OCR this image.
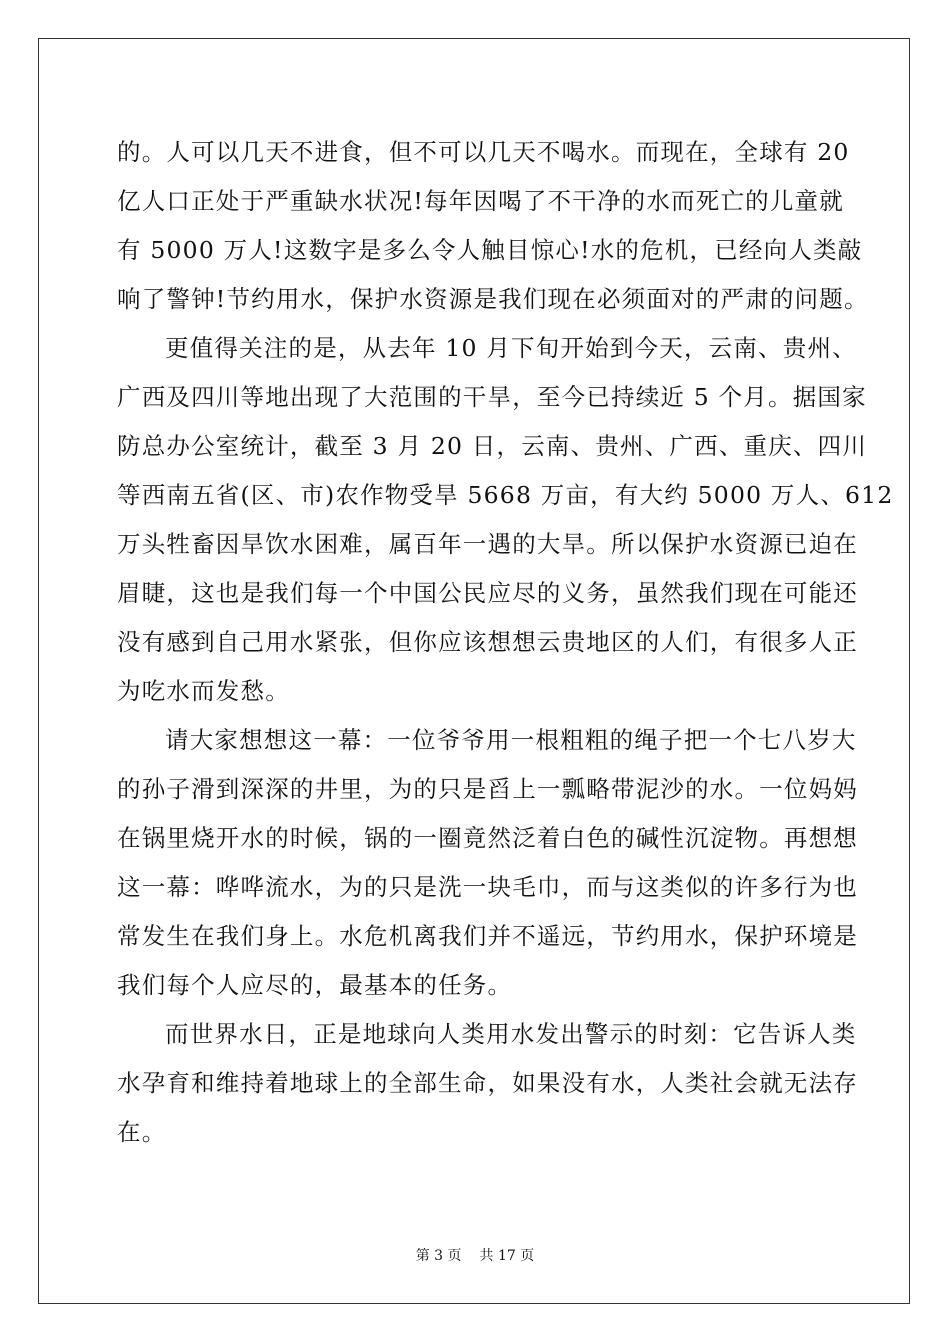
的。人可以几天不进食，但不可以几天不喝水。而现在，全球有 20
亿人口正处于严重缺水状况!每年因喝了不干净的水而死亡的儿童就
有 5000 万人!这数字是多么令人触目惊心!水的危机，已经向人类敲
响了警钟!节约用水，保护水资源是我们现在必须面对的严肃的问题。
更值得关注的是，从去年 10 月下旬开始到今天，云南、贵州、
广西及四川等地出现了大范围的干旱，至今已持续近 5 个月。据国家
防总办公室统计，截至 3 月 20 日，云南、贵州、广西、重庆、四川
等西南五省(区、市)农作物受旱 5668 万亩，有大约 5000 万人、612
万头牲畜因旱饮水困难，属百年一遇的大旱。所以保护水资源已迫在
眉睫，这也是我们每一个中国公民应尽的义务，虽然我们现在可能还
没有感到自己用水紧张，但你应该想想云贵地区的人们，有很多人正
为吃水而发愁。
请大家想想这一幕：一位爷爷用一根粗粗的绳子把一个七八岁大
的孙子滑到深深的井里，为的只是舀上一瓢略带泥沙的水。一位妈妈
在锅里烧开水的时候，锅的一圈竟然泛着白色的碱性沉淀物。再想想
这一幕：哗哗流水，为的只是洗一块毛巾，而与这类似的许多行为也
常发生在我们身上。水危机离我们并不遥远，节约用水，保护环境是
我们每个人应尽的，最基本的任务。
而世界水日，正是地球向人类用水发出警示的时刻：它告诉人类
水孕育和维持着地球上的全部生命，如果没有水，人类社会就无法存
在。
第 3 页 共 17 页
